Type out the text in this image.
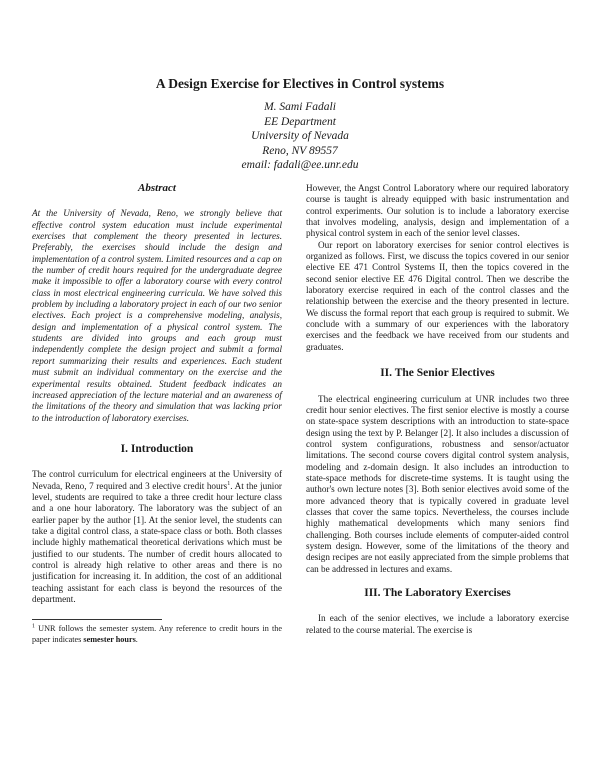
A Design Exercise for Electives in Control systems
M. Sami Fadali
EE Department
University of Nevada
Reno, NV 89557
email: fadali@ee.unr.edu
Abstract

At the University of Nevada, Reno, we strongly believe that effective control system education must include experimental exercises that complement the theory presented in lectures. Preferably, the exercises should include the design and implementation of a control system. Limited resources and a cap on the number of credit hours required for the undergraduate degree make it impossible to offer a laboratory course with every control class in most electrical engineering curricula. We have solved this problem by including a laboratory project in each of our two senior electives. Each project is a comprehensive modeling, analysis, design and implementation of a physical control system. The students are divided into groups and each group must independently complete the design project and submit a formal report summarizing their results and experiences. Each student must submit an individual commentary on the exercise and the experimental results obtained. Student feedback indicates an increased appreciation of the lecture material and an awareness of the limitations of the theory and simulation that was lacking prior to the introduction of laboratory exercises.

I. Introduction

The control curriculum for electrical engineers at the University of Nevada, Reno, 7 required and 3 elective credit hours$^1$. At the junior level, students are required to take a three credit hour lecture class and a one hour laboratory. The laboratory was the subject of an earlier paper by the author [1]. At the senior level, the students can take a digital control class, a state-space class or both. Both classes include highly mathematical theoretical derivations which must be justified to our students. The number of credit hours allocated to control is already high relative to other areas and there is no justification for increasing it. In addition, the cost of an additional teaching assistant for each class is beyond the resources of the department.

$^1$ UNR follows the semester system. Any reference to credit hours in the paper indicates semester hours.

However, the Angst Control Laboratory where our required laboratory course is taught is already equipped with basic instrumentation and control experiments. Our solution is to include a laboratory exercise that involves modeling, analysis, design and implementation of a physical control system in each of the senior level classes.

Our report on laboratory exercises for senior control electives is organized as follows. First, we discuss the topics covered in our senior elective EE 471 Control Systems II, then the topics covered in the second senior elective EE 476 Digital control. Then we describe the laboratory exercise required in each of the control classes and the relationship between the exercise and the theory presented in lecture. We discuss the formal report that each group is required to submit. We conclude with a summary of our experiences with the laboratory exercises and the feedback we have received from our students and graduates.

II. The Senior Electives

The electrical engineering curriculum at UNR includes two three credit hour senior electives. The first senior elective is mostly a course on state-space system descriptions with an introduction to state-space design using the text by P. Belanger [2]. It also includes a discussion of control system configurations, robustness and sensor/actuator limitations. The second course covers digital control system analysis, modeling and z-domain design. It also includes an introduction to state-space methods for discrete-time systems. It is taught using the author's own lecture notes [3]. Both senior electives avoid some of the more advanced theory that is typically covered in graduate level classes that cover the same topics. Nevertheless, the courses include highly mathematical developments which many seniors find challenging. Both courses include elements of computer-aided control system design. However, some of the limitations of the theory and design recipes are not easily appreciated from the simple problems that can be addressed in lectures and exams.

III. The Laboratory Exercises

In each of the senior electives, we include a laboratory exercise related to the course material. The exercise is
